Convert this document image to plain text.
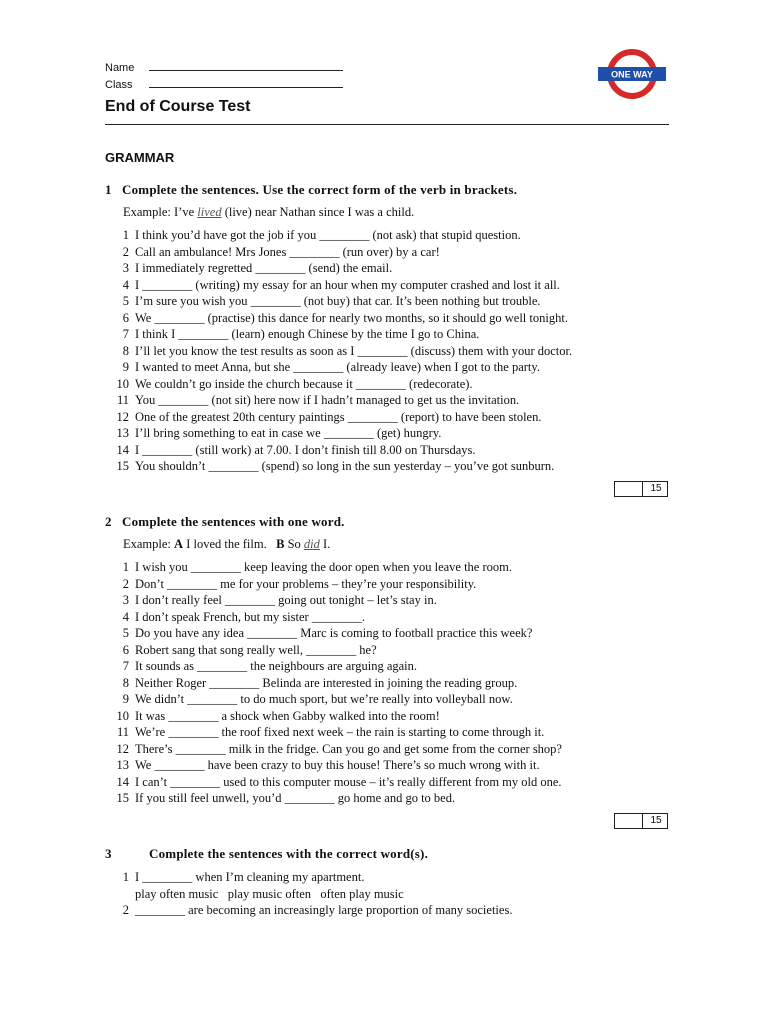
Name
Class
ONE WAY
End of Course Test
GRAMMAR
1 Complete the sentences. Use the correct form of the verb in brackets.
Example: I’ve lived (live) near Nathan since I was a child.
1 I think you’d have got the job if you ________ (not ask) that stupid question.
2 Call an ambulance! Mrs Jones ________ (run over) by a car!
3 I immediately regretted ________ (send) the email.
4 I ________ (writing) my essay for an hour when my computer crashed and lost it all.
5 I’m sure you wish you ________ (not buy) that car. It’s been nothing but trouble.
6 We ________ (practise) this dance for nearly two months, so it should go well tonight.
7 I think I ________ (learn) enough Chinese by the time I go to China.
8 I’ll let you know the test results as soon as I ________ (discuss) them with your doctor.
9 I wanted to meet Anna, but she ________ (already leave) when I got to the party.
10 We couldn’t go inside the church because it ________ (redecorate).
11 You ________ (not sit) here now if I hadn’t managed to get us the invitation.
12 One of the greatest 20th century paintings ________ (report) to have been stolen.
13 I’ll bring something to eat in case we ________ (get) hungry.
14 I ________ (still work) at 7.00. I don’t finish till 8.00 on Thursdays.
15 You shouldn’t ________ (spend) so long in the sun yesterday – you’ve got sunburn.
15
2 Complete the sentences with one word.
Example: A I loved the film.   B So did I.
1 I wish you ________ keep leaving the door open when you leave the room.
2 Don’t ________ me for your problems – they’re your responsibility.
3 I don’t really feel ________ going out tonight – let’s stay in.
4 I don’t speak French, but my sister ________.
5 Do you have any idea ________ Marc is coming to football practice this week?
6 Robert sang that song really well, ________ he?
7 It sounds as ________ the neighbours are arguing again.
8 Neither Roger ________ Belinda are interested in joining the reading group.
9 We didn’t ________ to do much sport, but we’re really into volleyball now.
10 It was ________ a shock when Gabby walked into the room!
11 We’re ________ the roof fixed next week – the rain is starting to come through it.
12 There’s ________ milk in the fridge. Can you go and get some from the corner shop?
13 We ________ have been crazy to buy this house! There’s so much wrong with it.
14 I can’t ________ used to this computer mouse – it’s really different from my old one.
15 If you still feel unwell, you’d ________ go home and go to bed.
15
3	Complete the sentences with the correct word(s).
1 I ________ when I’m cleaning my apartment.
play often music   play music often   often play music
2 ________ are becoming an increasingly large proportion of many societies.
